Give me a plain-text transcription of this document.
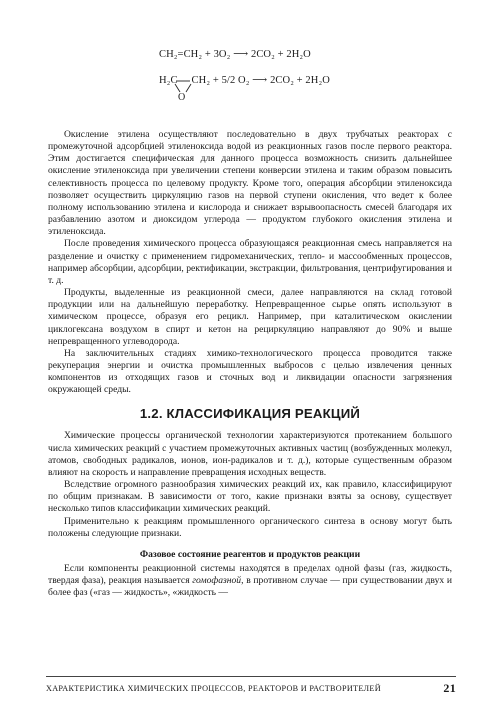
CH₂=CH₂ + 3O₂ ⟶ 2CO₂ + 2H₂O
H₂C CH₂ + 5/2 O₂ ⟶ 2CO₂ + 2H₂O
O

Окисление этилена осуществляют последовательно в двух трубчатых реакторах с промежуточной адсорбцией этиленоксида водой из реакционных газов после первого реактора. Этим достигается специфическая для данного процесса возможность снизить дальнейшее окисление этиленоксида при увеличении степени конверсии этилена и таким образом повысить селективность процесса по целевому продукту. Кроме того, операция абсорбции этиленоксида позволяет осуществить циркуляцию газов на первой ступени окисления, что ведет к более полному использованию этилена и кислорода и снижает взрывоопасность смесей благодаря их разбавлению азотом и диоксидом углерода — продуктом глубокого окисления этилена и этиленоксида.

После проведения химического процесса образующаяся реакционная смесь направляется на разделение и очистку с применением гидромеханических, тепло- и массообменных процессов, например абсорбции, адсорбции, ректификации, экстракции, фильтрования, центрифугирования и т. д.

Продукты, выделенные из реакционной смеси, далее направляются на склад готовой продукции или на дальнейшую переработку. Непревращенное сырье опять используют в химическом процессе, образуя его рецикл. Например, при каталитическом окислении циклогексана воздухом в спирт и кетон на рециркуляцию направляют до 90% и выше непревращенного углеводорода.

На заключительных стадиях химико-технологического процесса проводится также рекуперация энергии и очистка промышленных выбросов с целью извлечения ценных компонентов из отходящих газов и сточных вод и ликвидации опасности загрязнения окружающей среды.

1.2. КЛАССИФИКАЦИЯ РЕАКЦИЙ

Химические процессы органической технологии характеризуются протеканием большого числа химических реакций с участием промежуточных активных частиц (возбужденных молекул, атомов, свободных радикалов, ионов, ион-радикалов и т. д.), которые существенным образом влияют на скорость и направление превращения исходных веществ.

Вследствие огромного разнообразия химических реакций их, как правило, классифицируют по общим признакам. В зависимости от того, какие признаки взяты за основу, существует несколько типов классификации химических реакций.

Применительно к реакциям промышленного органического синтеза в основу могут быть положены следующие признаки.

Фазовое состояние реагентов и продуктов реакции

Если компоненты реакционной системы находятся в пределах одной фазы (газ, жидкость, твердая фаза), реакция называется гомофазной, в противном случае — при существовании двух и более фаз («газ — жидкость», «жидкость —

ХАРАКТЕРИСТИКА ХИМИЧЕСКИХ ПРОЦЕССОВ, РЕАКТОРОВ И РАСТВОРИТЕЛЕЙ	21
